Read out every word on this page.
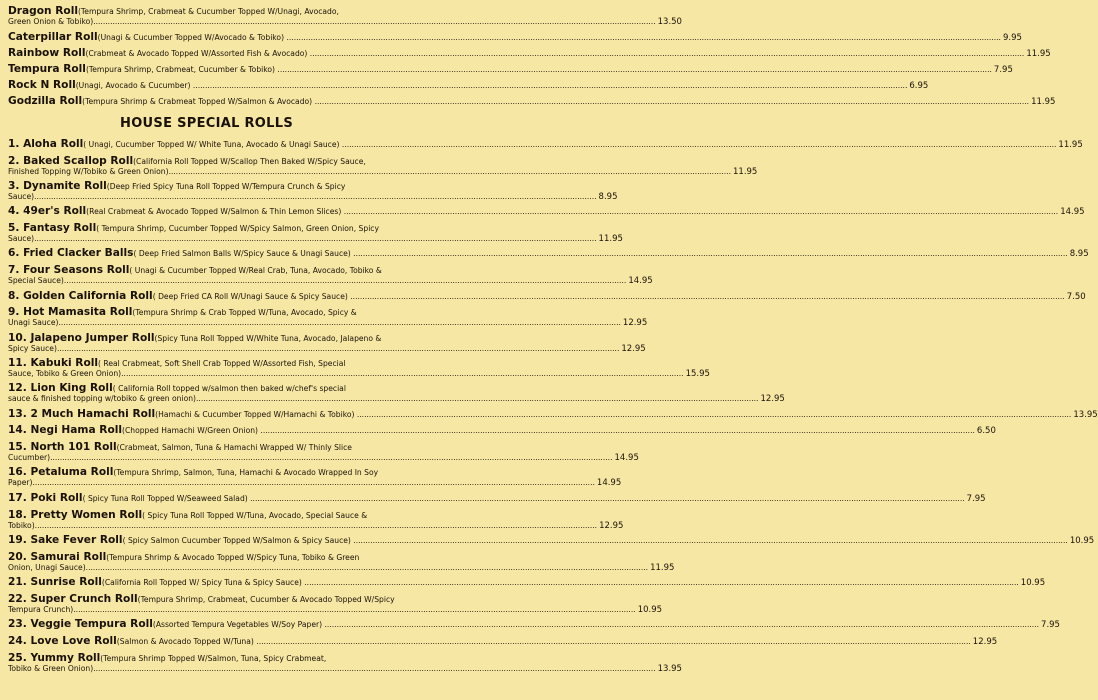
Dragon Roll (Tempura Shrimp, Crabmeat & Cucumber Topped W/Unagi, Avocado,
Green Onion & Tobiko) .....	13.50
Caterpillar Roll (Unagi & Cucumber Topped W/Avocado & Tobiko) .....	9.95
Rainbow Roll (Crabmeat & Avocado Topped W/Assorted Fish & Avocado) .....	11.95
Tempura Roll (Tempura Shrimp, Crabmeat, Cucumber & Tobiko) .....	7.95
Rock N Roll (Unagi, Avocado & Cucumber) .....	6.95
Godzilla Roll (Tempura Shrimp & Crabmeat Topped W/Salmon & Avocado) .....	11.95
HOUSE SPECIAL ROLLS
1. Aloha Roll ( Unagi, Cucumber Topped W/ White Tuna, Avocado & Unagi Sauce) .....	11.95
2. Baked Scallop Roll (California Roll Topped W/Scallop Then Baked W/Spicy Sauce,
Finished Topping W/Tobiko & Green Onion) .....	11.95
3. Dynamite Roll (Deep Fried Spicy Tuna Roll Topped W/Tempura Crunch & Spicy
Sauce) .....	8.95
4. 49er's Roll (Real Crabmeat & Avocado Topped W/Salmon & Thin Lemon Slices) .....	14.95
5. Fantasy Roll ( Tempura Shrimp, Cucumber Topped W/Spicy Salmon, Green Onion, Spicy
Sauce) .....	11.95
6. Fried Clacker Balls ( Deep Fried Salmon Balls W/Spicy Sauce & Unagi Sauce) .....	8.95
7. Four Seasons Roll ( Unagi & Cucumber Topped W/Real Crab, Tuna, Avocado, Tobiko &
Special Sauce) .....	14.95
8. Golden California Roll ( Deep Fried CA Roll W/Unagi Sauce & Spicy Sauce) .....	7.50
9. Hot Mamasita Roll (Tempura Shrimp & Crab Topped W/Tuna, Avocado, Spicy &
Unagi Sauce) .....	12.95
10. Jalapeno Jumper Roll (Spicy Tuna Roll Topped W/White Tuna, Avocado, Jalapeno &
Spicy Sauce) .....	12.95
11. Kabuki Roll ( Real Crabmeat, Soft Shell Crab Topped W/Assorted Fish, Special
Sauce, Tobiko & Green Onion) .....	15.95
12. Lion King Roll ( California Roll topped w/salmon then baked w/chef's special
sauce & finished topping w/tobiko & green onion) .....	12.95
13. 2 Much Hamachi Roll (Hamachi & Cucumber Topped W/Hamachi & Tobiko) .....	13.95
14. Negi Hama Roll (Chopped Hamachi W/Green Onion) .....	6.50
15. North 101 Roll (Crabmeat, Salmon, Tuna & Hamachi Wrapped W/ Thinly Slice
Cucumber) .....	14.95
16. Petaluma Roll (Tempura Shrimp, Salmon, Tuna, Hamachi & Avocado Wrapped In Soy
Paper) .....	14.95
17. Poki Roll ( Spicy Tuna Roll Topped W/Seaweed Salad) .....	7.95
18. Pretty Women Roll ( Spicy Tuna Roll Topped W/Tuna, Avocado, Special Sauce &
Tobiko) .....	12.95
19. Sake Fever Roll ( Spicy Salmon Cucumber Topped W/Salmon & Spicy Sauce) .....	10.95
20. Samurai Roll (Tempura Shrimp & Avocado Topped W/Spicy Tuna, Tobiko & Green
Onion, Unagi Sauce) .....	11.95
21. Sunrise Roll (California Roll Topped W/ Spicy Tuna & Spicy Sauce) .....	10.95
22. Super Crunch Roll (Tempura Shrimp, Crabmeat, Cucumber & Avocado Topped W/Spicy
Tempura Crunch) .....	10.95
23. Veggie Tempura Roll (Assorted Tempura Vegetables W/Soy Paper) .....	7.95
24. Love Love Roll (Salmon & Avocado Topped W/Tuna) .....	12.95
25. Yummy Roll (Tempura Shrimp Topped W/Salmon, Tuna, Spicy Crabmeat,
Tobiko & Green Onion) .....	13.95
